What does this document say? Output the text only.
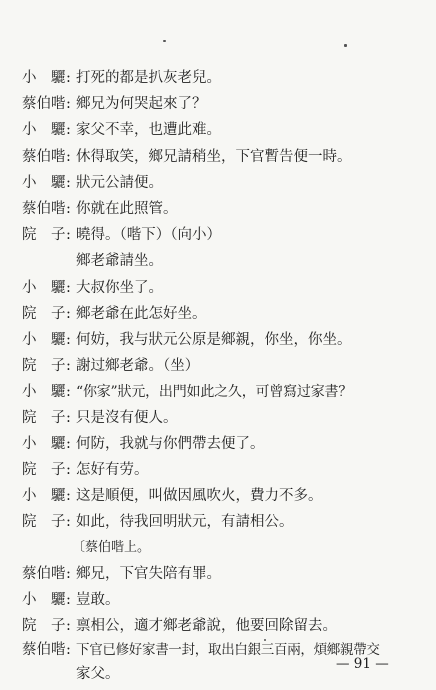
小　驪 : 打死的都是扒灰老兒。
蔡伯喈 : 鄉兄为何哭起來了？
小　驪 : 家父不幸，也遭此难。
蔡伯喈 : 休得取笑，鄉兄請稍坐，下官暫告便一時。
小　驪 : 狀元公請便。
蔡伯喈 : 你就在此照管。
院　子 : 曉得。（喈下）（向小）
鄉老爺請坐。
小　驪 : 大叔你坐了。
院　子 : 鄉老爺在此怎好坐。
小　驪 : 何妨，我与狀元公原是鄉親，你坐，你坐。
院　子 : 謝过鄉老爺。（坐）
小　驪 : “你家”狀元，出門如此之久，可曾寫过家書？
院　子 : 只是沒有便人。
小　驪 : 何防，我就与你們帶去便了。
院　子 : 怎好有劳。
小　驪 : 这是順便，叫做因風吹火，費力不多。
院　子 : 如此，待我回明狀元，有請相公。
〔蔡伯喈上。
蔡伯喈 : 鄉兄，下官失陪有罪。
小　驪 : 豈敢。
院　子 : 禀相公，適才鄉老爺說，他要回除留去。
蔡伯喈 : 下官已修好家書一封，取出白銀三百兩，煩鄉親帶交
家父。
— 91 —
